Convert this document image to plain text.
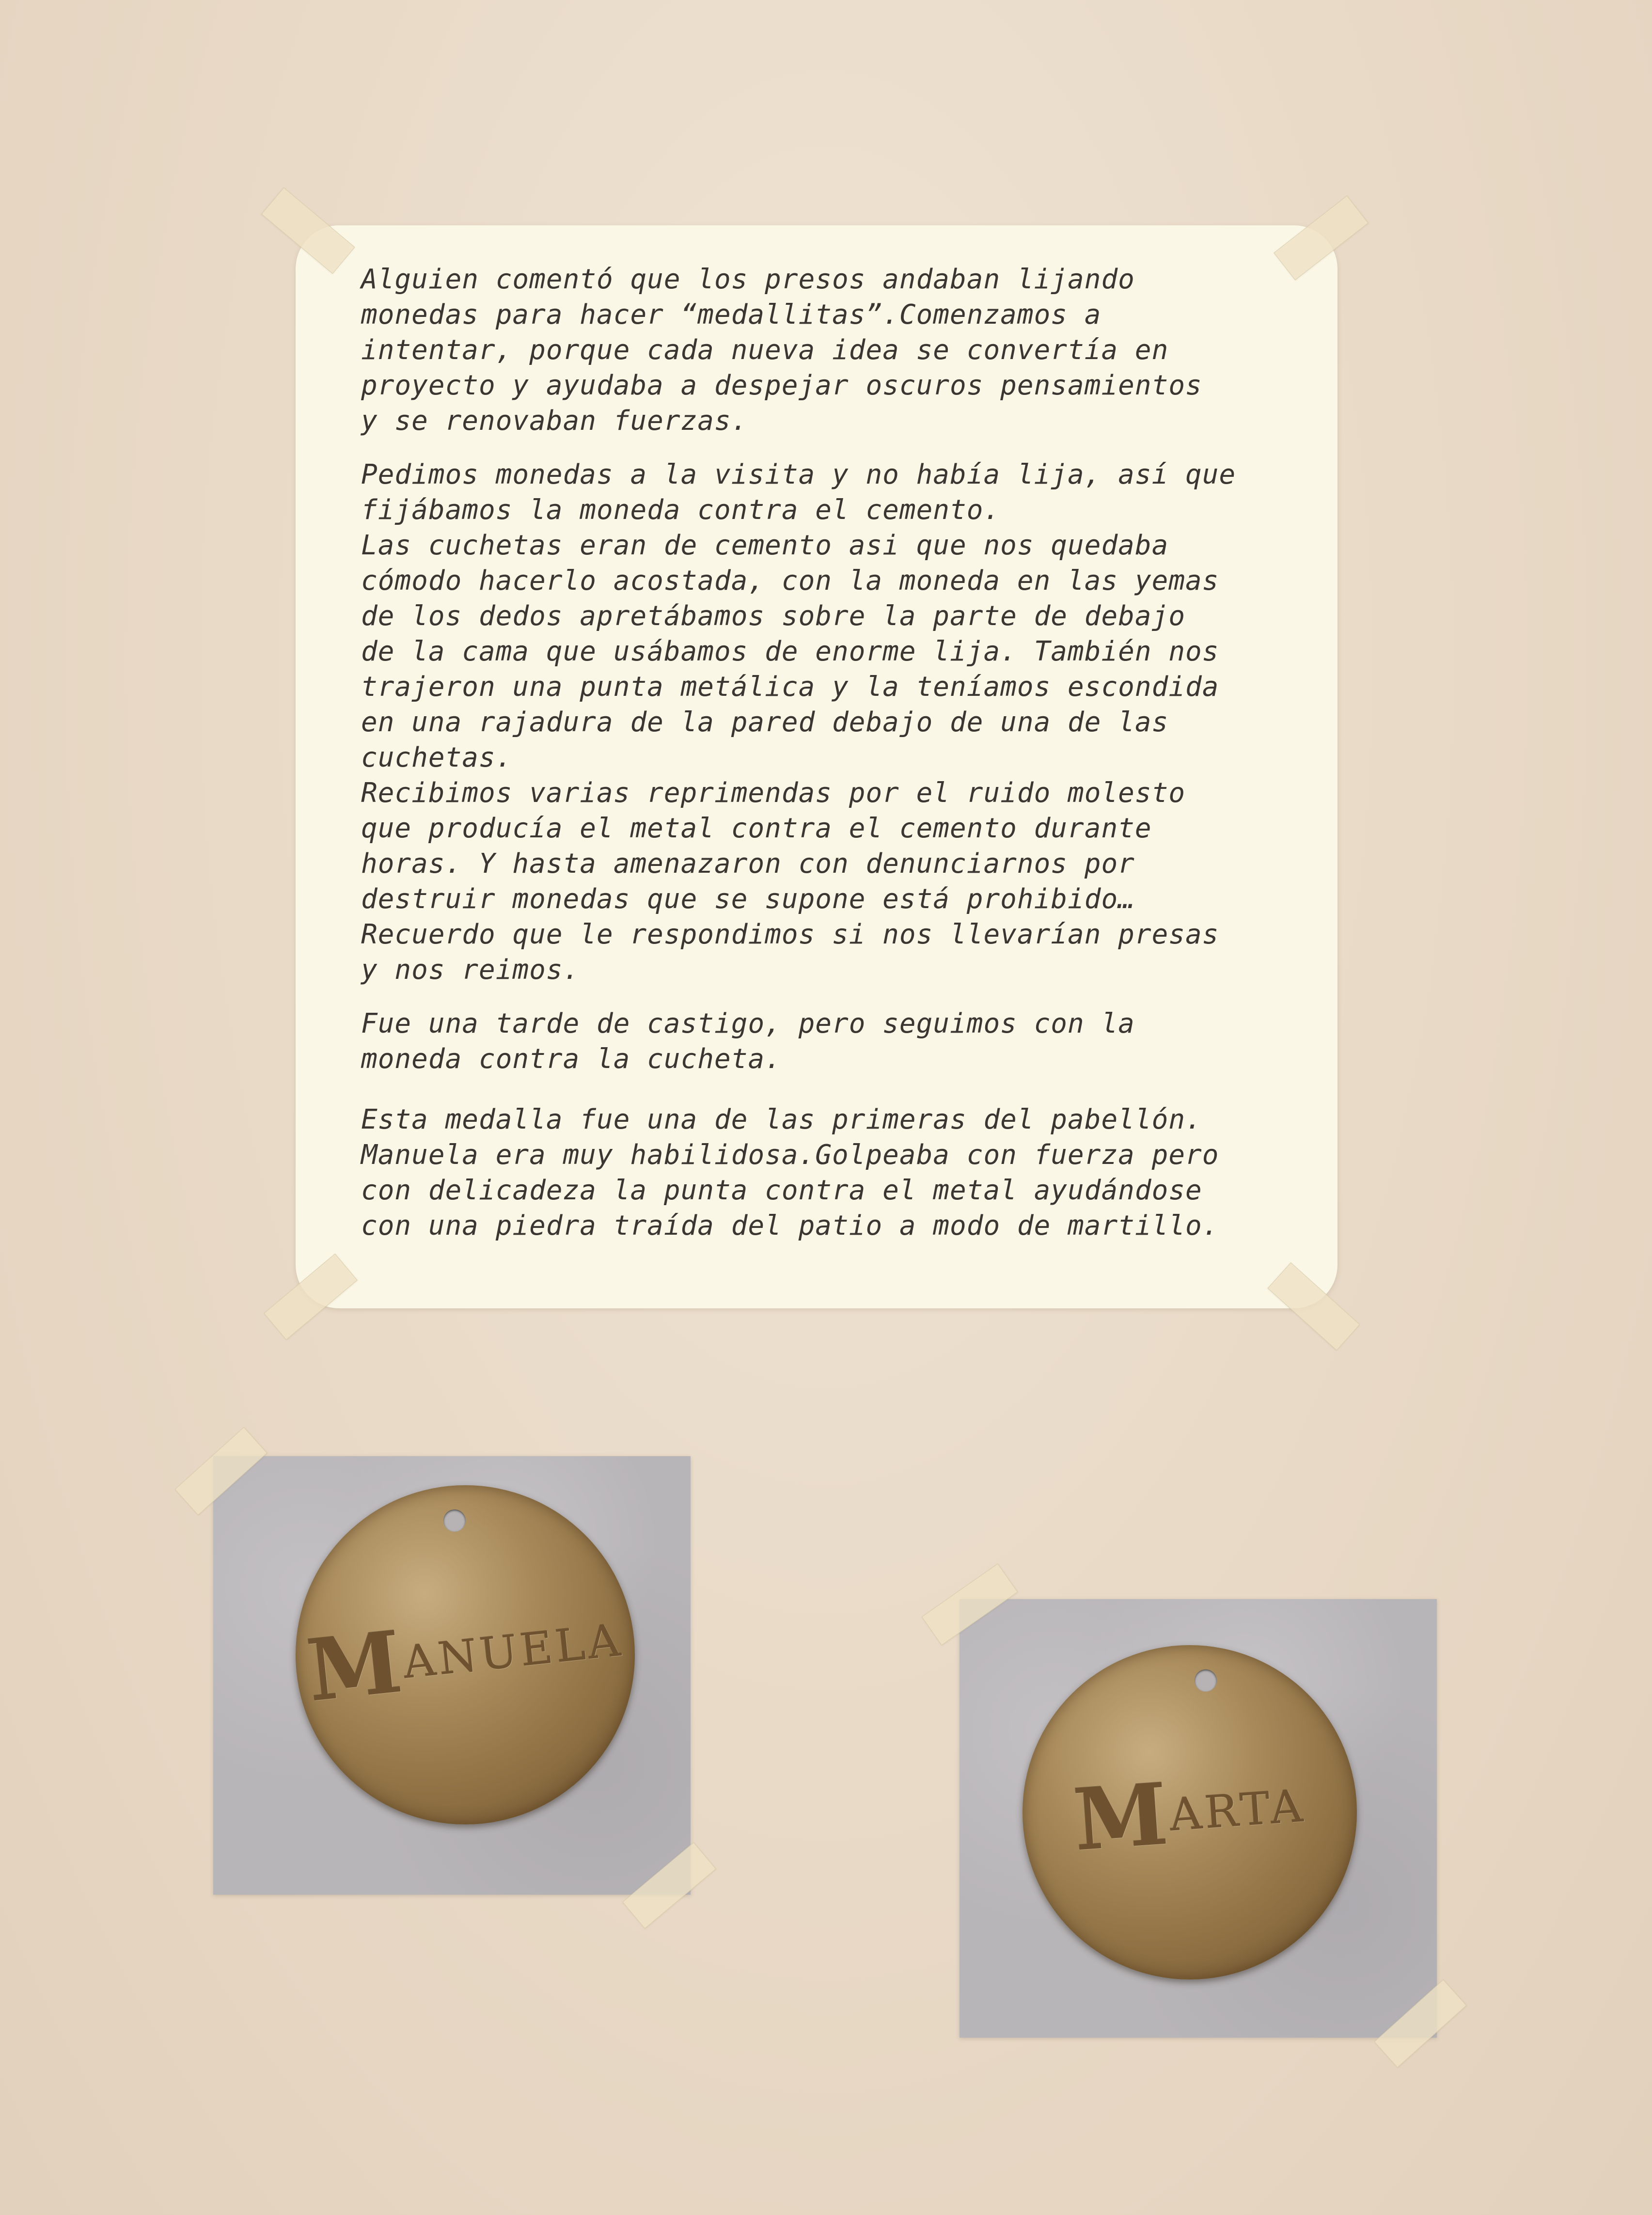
Alguien comentó que los presos andaban lijando
monedas para hacer “medallitas”.Comenzamos a
intentar, porque cada nueva idea se convertía en
proyecto y ayudaba a despejar oscuros pensamientos
y se renovaban fuerzas.

Pedimos monedas a la visita y no había lija, así que
fijábamos la moneda contra el cemento.
Las cuchetas eran de cemento asi que nos quedaba
cómodo hacerlo acostada, con la moneda en las yemas
de los dedos apretábamos sobre la parte de debajo
de la cama que usábamos de enorme lija. También nos
trajeron una punta metálica y la teníamos escondida
en una rajadura de la pared debajo de una de las
cuchetas.
Recibimos varias reprimendas por el ruido molesto
que producía el metal contra el cemento durante
horas. Y hasta amenazaron con denunciarnos por
destruir monedas que se supone está prohibido…
Recuerdo que le respondimos si nos llevarían presas
y nos reimos.

Fue una tarde de castigo, pero seguimos con la
moneda contra la cucheta.

Esta medalla fue una de las primeras del pabellón.
Manuela era muy habilidosa.Golpeaba con fuerza pero
con delicadeza la punta contra el metal ayudándose
con una piedra traída del patio a modo de martillo.

MANUELA
MARTA
